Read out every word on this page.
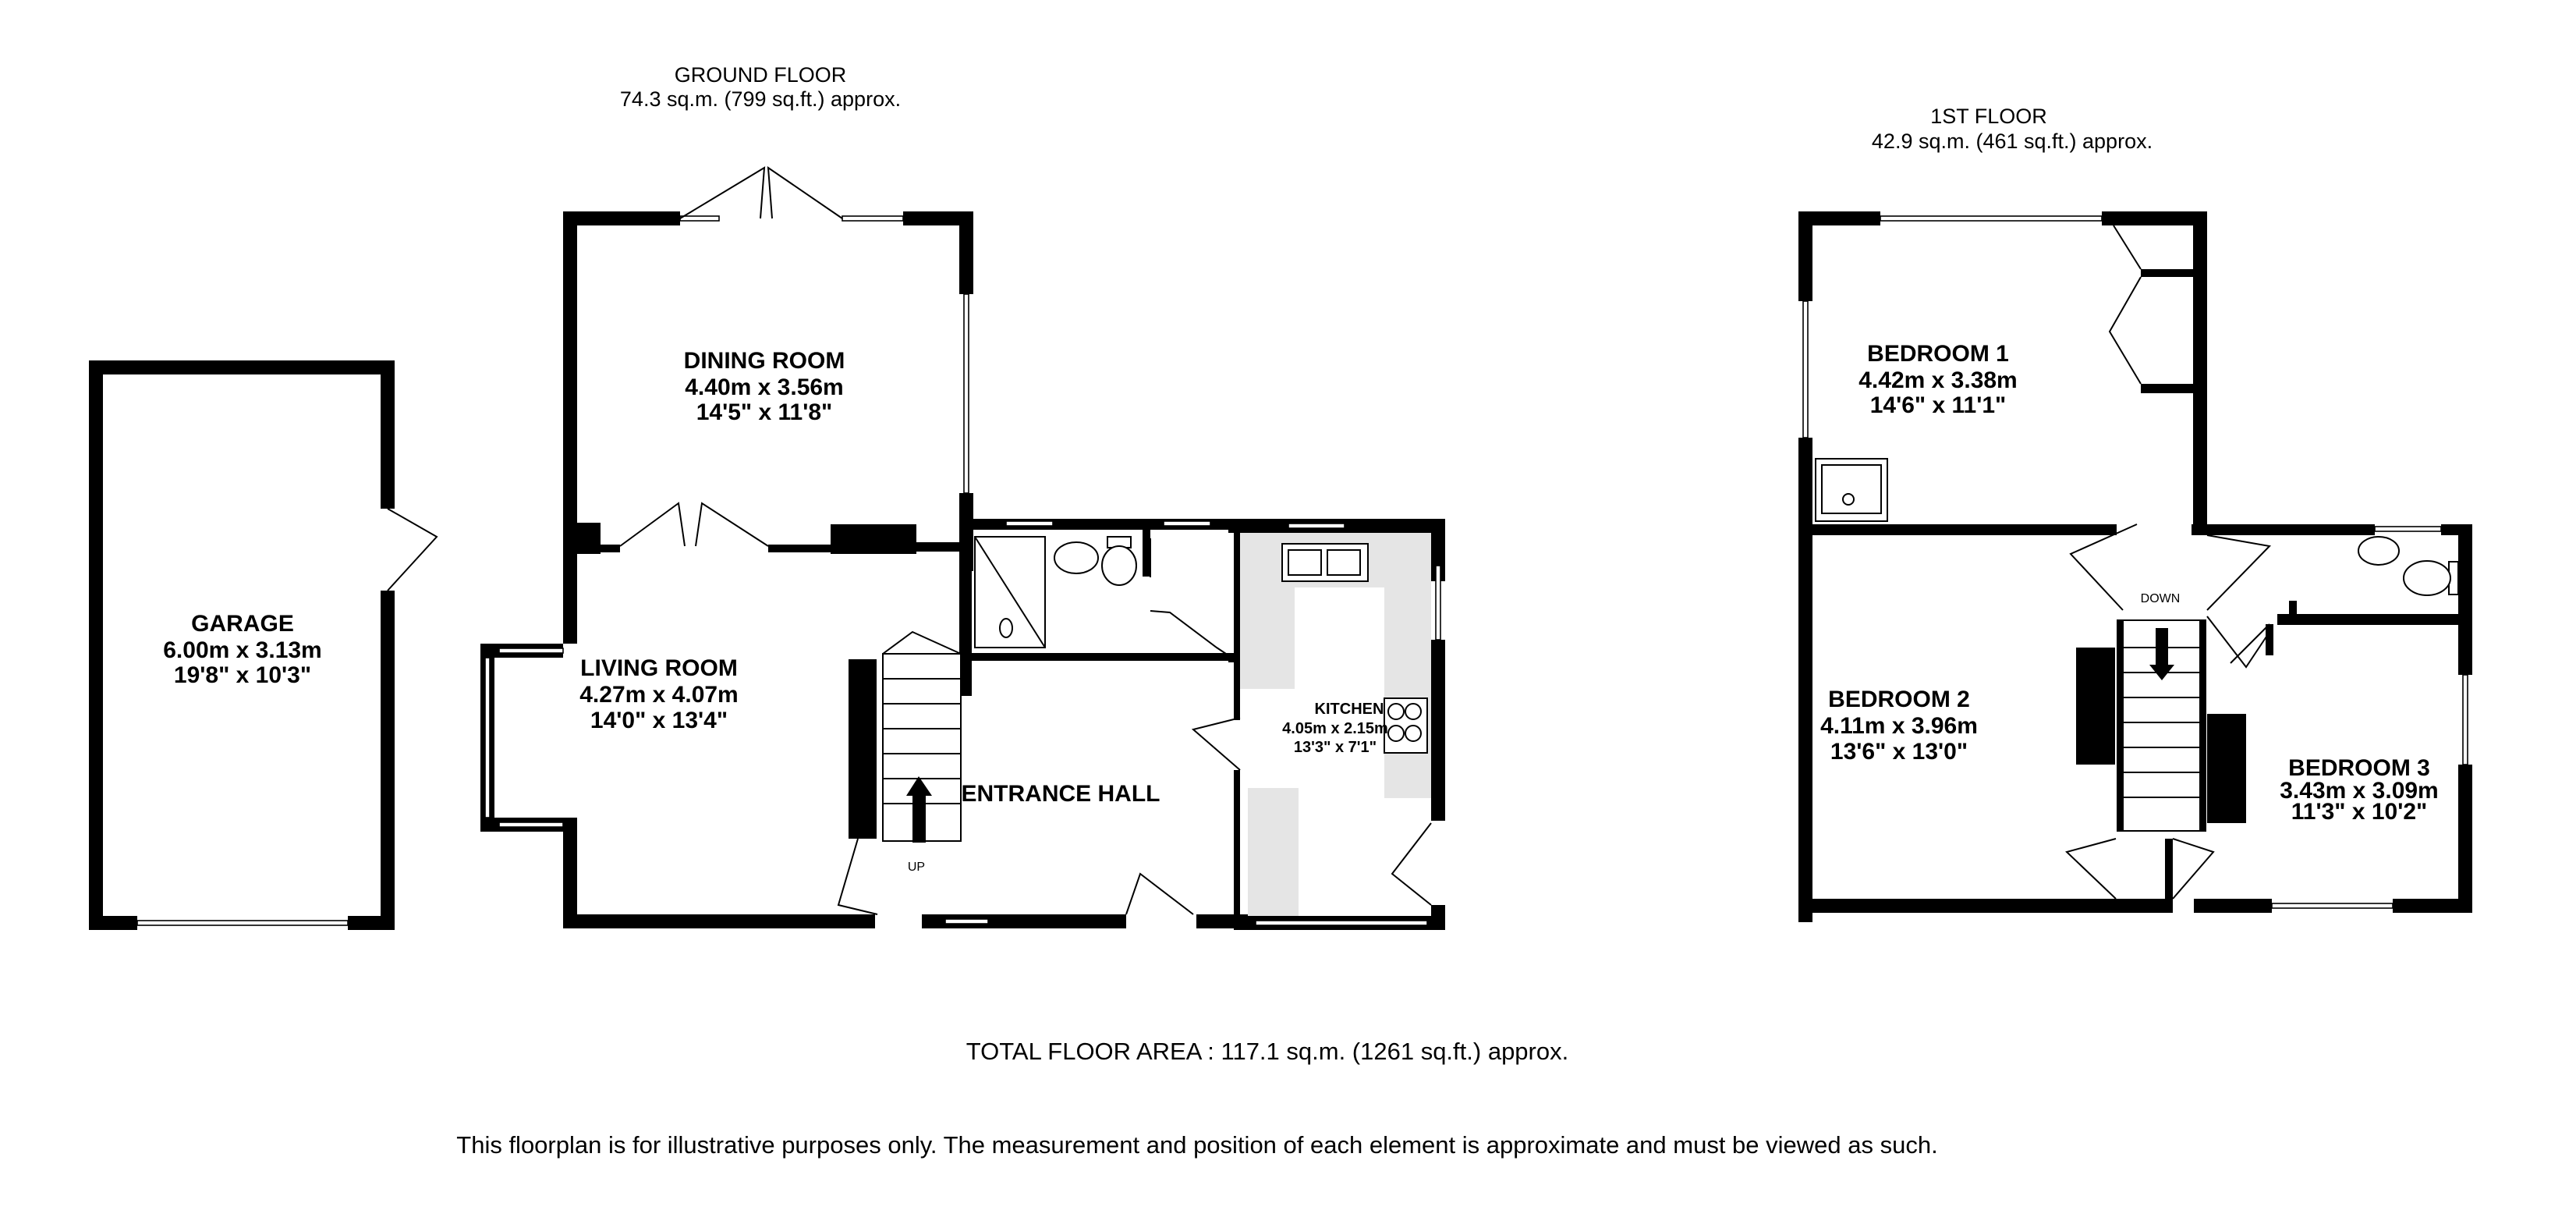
UP
DOWN
GROUND FLOOR
74.3 sq.m. (799 sq.ft.) approx.
1ST FLOOR
42.9 sq.m. (461 sq.ft.) approx.
GARAGE
6.00m x 3.13m
19'8" x 10'3"
DINING ROOM
4.40m x 3.56m
14'5" x 11'8"
LIVING ROOM
4.27m x 4.07m
14'0" x 13'4"
ENTRANCE HALL
KITCHEN
4.05m x 2.15m
13'3" x 7'1"
BEDROOM 1
4.42m x 3.38m
14'6" x 11'1"
BEDROOM 2
4.11m x 3.96m
13'6" x 13'0"
BEDROOM 3
3.43m x 3.09m
11'3" x 10'2"
TOTAL FLOOR AREA : 117.1 sq.m. (1261 sq.ft.) approx.
This floorplan is for illustrative purposes only. The measurement and position of each element is approximate and must be viewed as such.
